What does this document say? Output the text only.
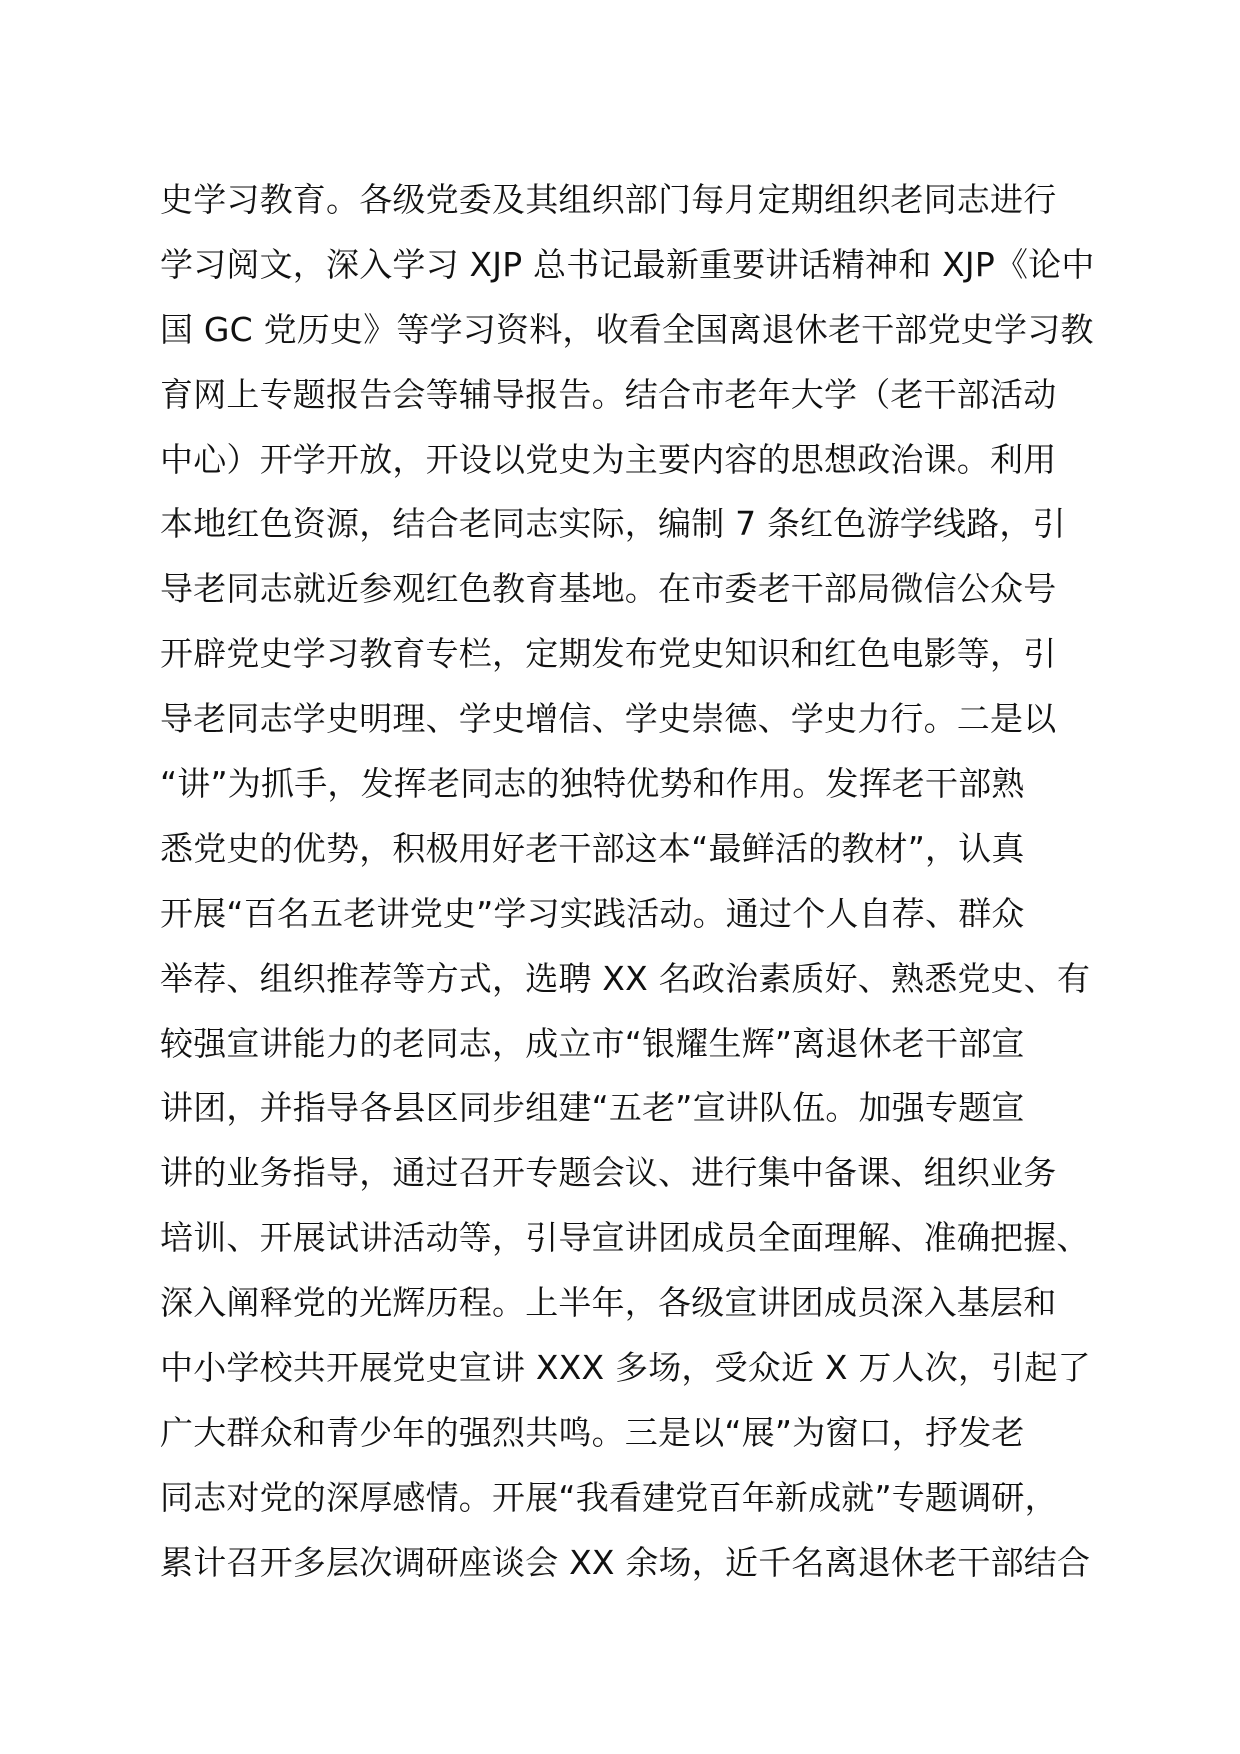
史学习教育。各级党委及其组织部门每月定期组织老同志进行
学习阅文，深入学习 XJP 总书记最新重要讲话精神和 XJP《论中
国 GC 党历史》等学习资料，收看全国离退休老干部党史学习教
育网上专题报告会等辅导报告。结合市老年大学（老干部活动
中心）开学开放，开设以党史为主要内容的思想政治课。利用
本地红色资源，结合老同志实际，编制 7 条红色游学线路，引
导老同志就近参观红色教育基地。在市委老干部局微信公众号
开辟党史学习教育专栏，定期发布党史知识和红色电影等，引
导老同志学史明理、学史增信、学史崇德、学史力行。二是以
“讲”为抓手，发挥老同志的独特优势和作用。发挥老干部熟
悉党史的优势，积极用好老干部这本“最鲜活的教材”，认真
开展“百名五老讲党史”学习实践活动。通过个人自荐、群众
举荐、组织推荐等方式，选聘 XX 名政治素质好、熟悉党史、有
较强宣讲能力的老同志，成立市“银耀生辉”离退休老干部宣
讲团，并指导各县区同步组建“五老”宣讲队伍。加强专题宣
讲的业务指导，通过召开专题会议、进行集中备课、组织业务
培训、开展试讲活动等，引导宣讲团成员全面理解、准确把握、
深入阐释党的光辉历程。上半年，各级宣讲团成员深入基层和
中小学校共开展党史宣讲 XXX 多场，受众近 X 万人次，引起了
广大群众和青少年的强烈共鸣。三是以“展”为窗口，抒发老
同志对党的深厚感情。开展“我看建党百年新成就”专题调研，
累计召开多层次调研座谈会 XX 余场，近千名离退休老干部结合
